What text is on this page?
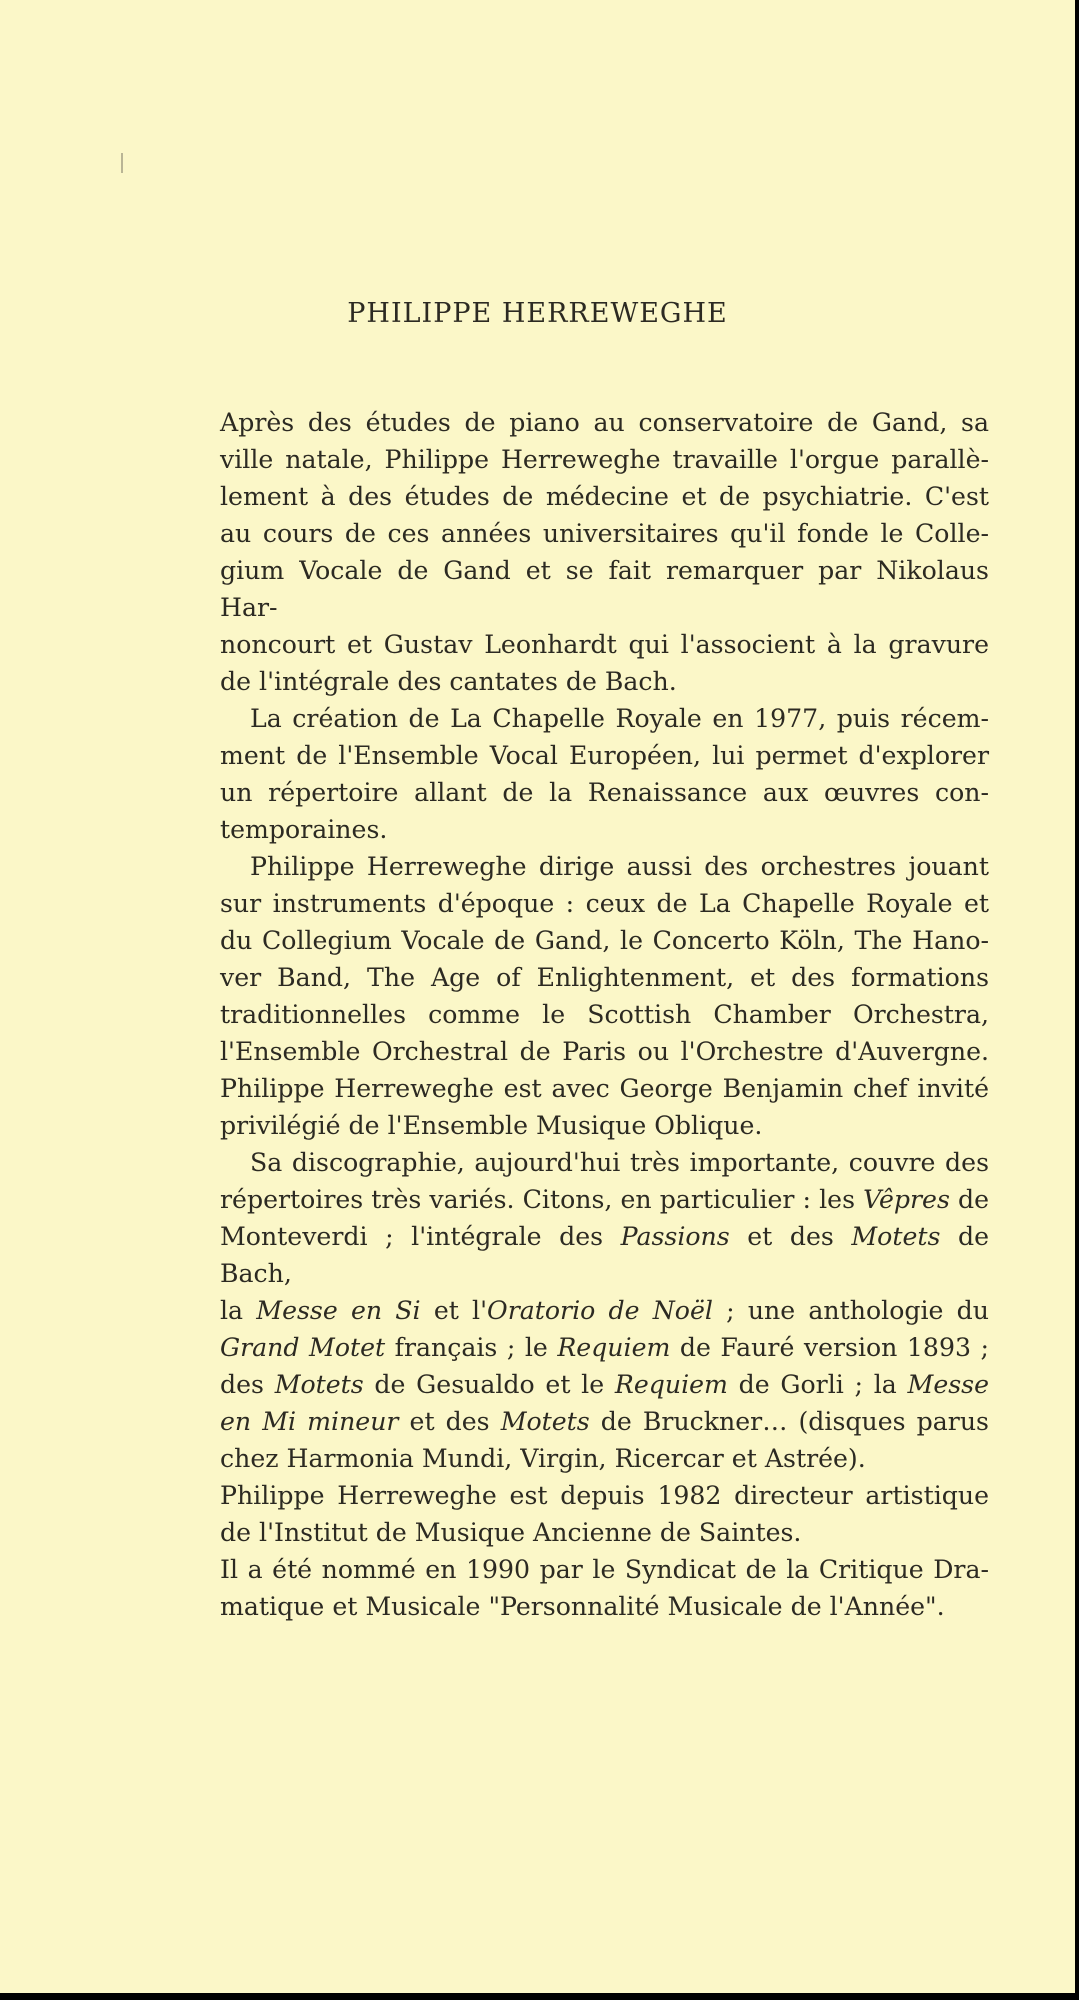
PHILIPPE HERREWEGHE

Après des études de piano au conservatoire de Gand, sa

ville natale, Philippe Herreweghe travaille l'orgue parallè-

lement à des études de médecine et de psychiatrie. C'est

au cours de ces années universitaires qu'il fonde le Colle-

gium Vocale de Gand et se fait remarquer par Nikolaus Har-

noncourt et Gustav Leonhardt qui l'associent à la gravure

de l'intégrale des cantates de Bach.

La création de La Chapelle Royale en 1977, puis récem-

ment de l'Ensemble Vocal Européen, lui permet d'explorer

un répertoire allant de la Renaissance aux œuvres con-

temporaines.

Philippe Herreweghe dirige aussi des orchestres jouant

sur instruments d'époque : ceux de La Chapelle Royale et

du Collegium Vocale de Gand, le Concerto Köln, The Hano-

ver Band, The Age of Enlightenment, et des formations

traditionnelles comme le Scottish Chamber Orchestra,

l'Ensemble Orchestral de Paris ou l'Orchestre d'Auvergne.

Philippe Herreweghe est avec George Benjamin chef invité

privilégié de l'Ensemble Musique Oblique.

Sa discographie, aujourd'hui très importante, couvre des

répertoires très variés. Citons, en particulier : les Vêpres de

Monteverdi ; l'intégrale des Passions et des Motets de Bach,

la Messe en Si et l'Oratorio de Noël ; une anthologie du

Grand Motet français ; le Requiem de Fauré version 1893 ;

des Motets de Gesualdo et le Requiem de Gorli ; la Messe

en Mi mineur et des Motets de Bruckner… (disques parus

chez Harmonia Mundi, Virgin, Ricercar et Astrée).

Philippe Herreweghe est depuis 1982 directeur artistique

de l'Institut de Musique Ancienne de Saintes.

Il a été nommé en 1990 par le Syndicat de la Critique Dra-

matique et Musicale "Personnalité Musicale de l'Année".
